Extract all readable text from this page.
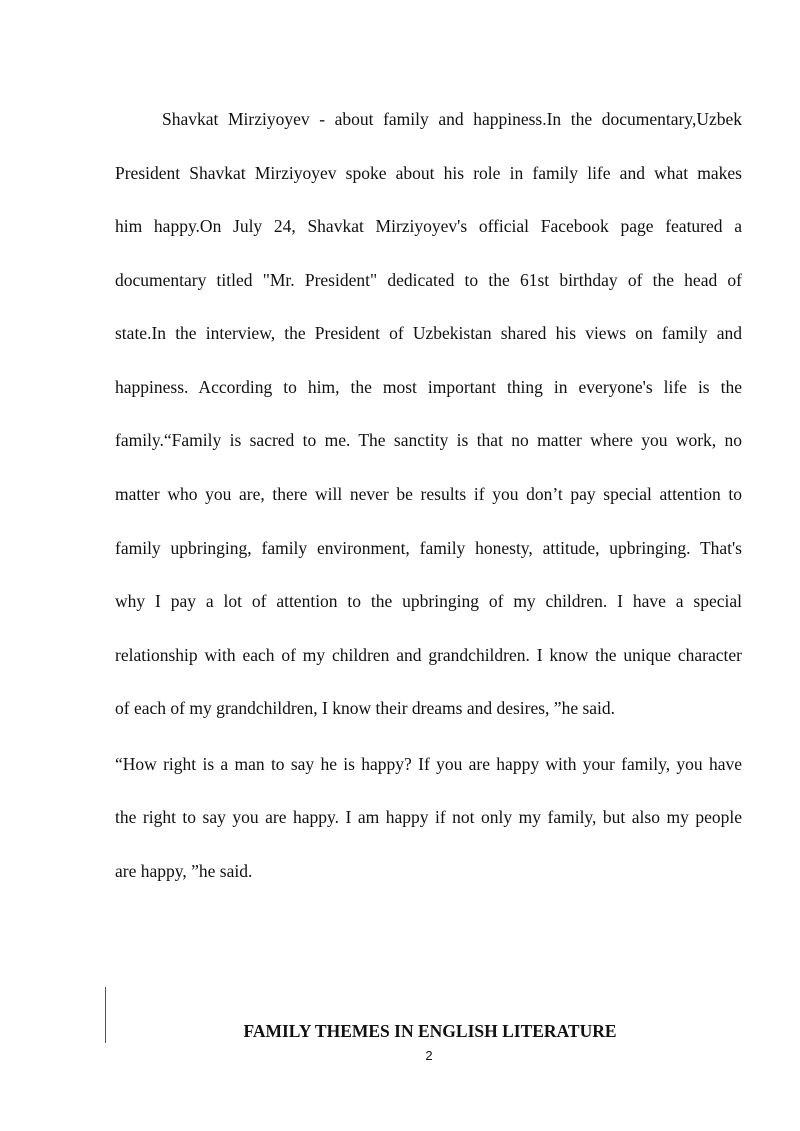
Shavkat Mirziyoyev - about family and happiness.In the documentary,Uzbek
President Shavkat Mirziyoyev spoke about his role in family life and what makes
him happy.On July 24, Shavkat Mirziyoyev's official Facebook page featured a
documentary titled "Mr. President" dedicated to the 61st birthday of the head of
state.In the interview, the President of Uzbekistan shared his views on family and
happiness. According to him, the most important thing in everyone's life is the
family.“Family is sacred to me. The sanctity is that no matter where you work, no
matter who you are, there will never be results if you don’t pay special attention to
family upbringing, family environment, family honesty, attitude, upbringing. That's
why I pay a lot of attention to the upbringing of my children. I have a special
relationship with each of my children and grandchildren. I know the unique character
of each of my grandchildren, I know their dreams and desires, ”he said.
“How right is a man to say he is happy? If you are happy with your family, you have
the right to say you are happy. I am happy if not only my family, but also my people
are happy, ”he said.
FAMILY THEMES IN ENGLISH LITERATURE
2
